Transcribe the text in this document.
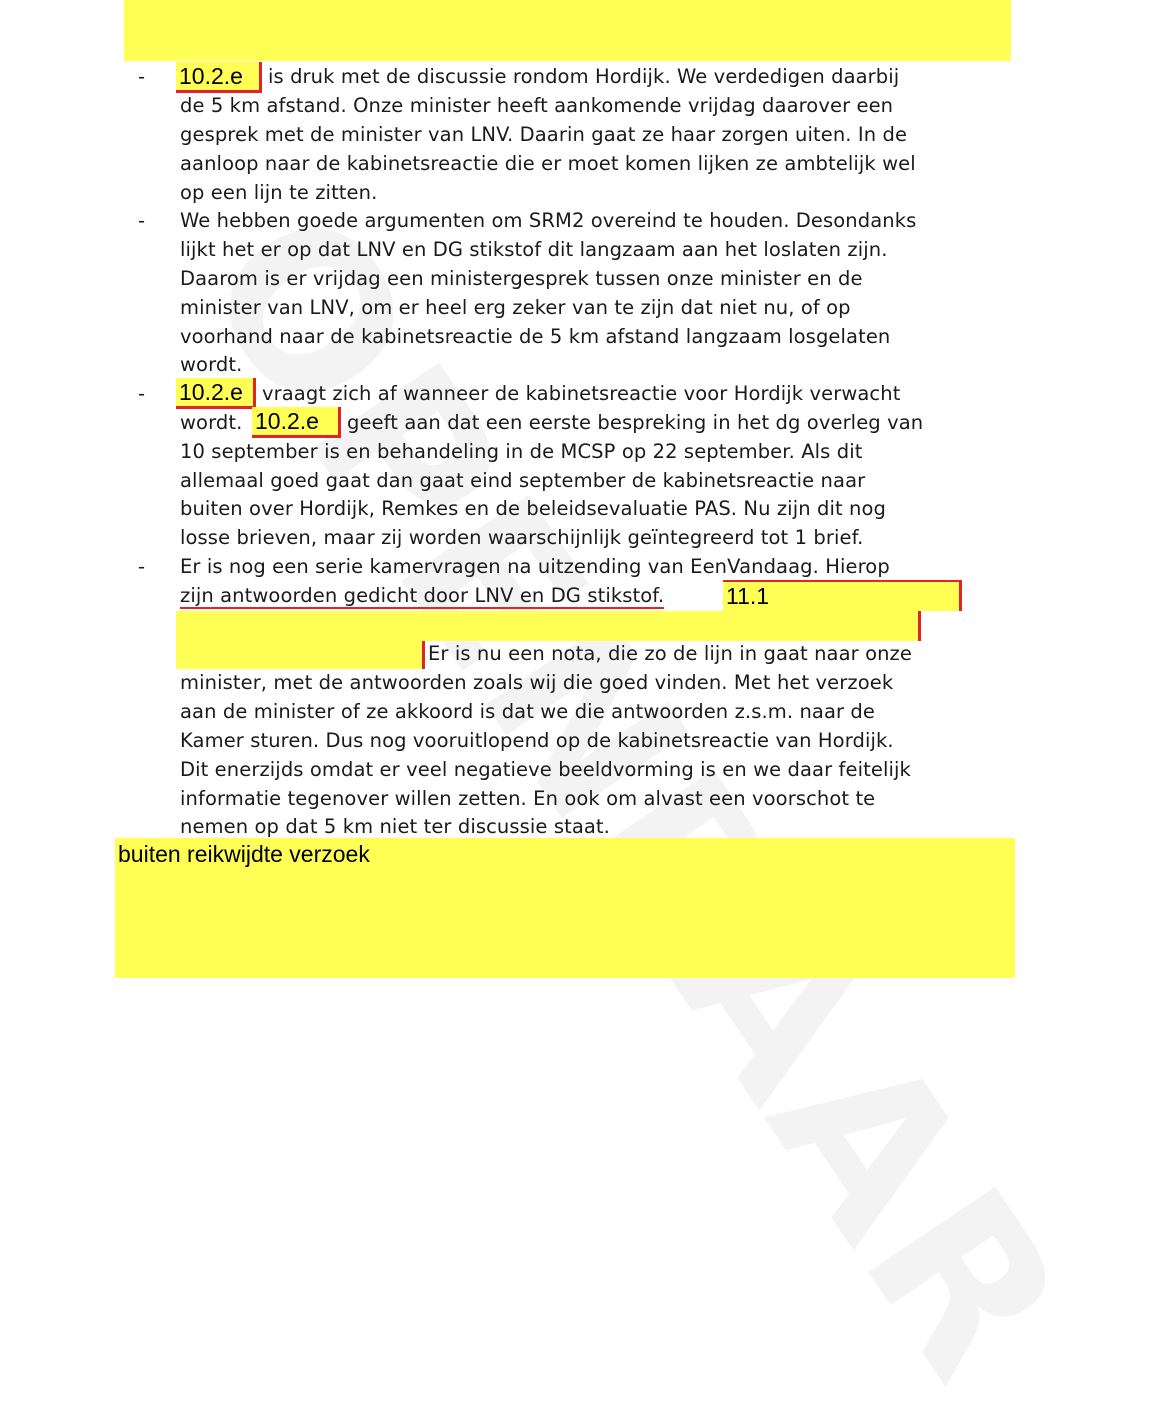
- 10.2.e	is druk met de discussie rondom Hordijk. We verdedigen daarbij
de 5 km afstand. Onze minister heeft aankomende vrijdag daarover een
gesprek met de minister van LNV. Daarin gaat ze haar zorgen uiten. In de
aanloop naar de kabinetsreactie die er moet komen lijken ze ambtelijk wel
op een lijn te zitten.
- We hebben goede argumenten om SRM2 overeind te houden. Desondanks
lijkt het er op dat LNV en DG stikstof dit langzaam aan het loslaten zijn.
Daarom is er vrijdag een ministergesprek tussen onze minister en de
minister van LNV, om er heel erg zeker van te zijn dat niet nu, of op
voorhand naar de kabinetsreactie de 5 km afstand langzaam losgelaten
wordt.
- 10.2.e vraagt zich af wanneer de kabinetsreactie voor Hordijk verwacht
wordt. 10.2.e	geeft aan dat een eerste bespreking in het dg overleg van
10 september is en behandeling in de MCSP op 22 september. Als dit
allemaal goed gaat dan gaat eind september de kabinetsreactie naar
buiten over Hordijk, Remkes en de beleidsevaluatie PAS. Nu zijn dit nog
losse brieven, maar zij worden waarschijnlijk geïntegreerd tot 1 brief.
- Er is nog een serie kamervragen na uitzending van EenVandaag. Hierop
zijn antwoorden gedicht door LNV en DG stikstof.	11.1
Er is nu een nota, die zo de lijn in gaat naar onze
minister, met de antwoorden zoals wij die goed vinden. Met het verzoek
aan de minister of ze akkoord is dat we die antwoorden z.s.m. naar de
Kamer sturen. Dus nog vooruitlopend op de kabinetsreactie van Hordijk.
Dit enerzijds omdat er veel negatieve beeldvorming is en we daar feitelijk
informatie tegenover willen zetten. En ook om alvast een voorschot te
nemen op dat 5 km niet ter discussie staat.
buiten reikwijdte verzoek
